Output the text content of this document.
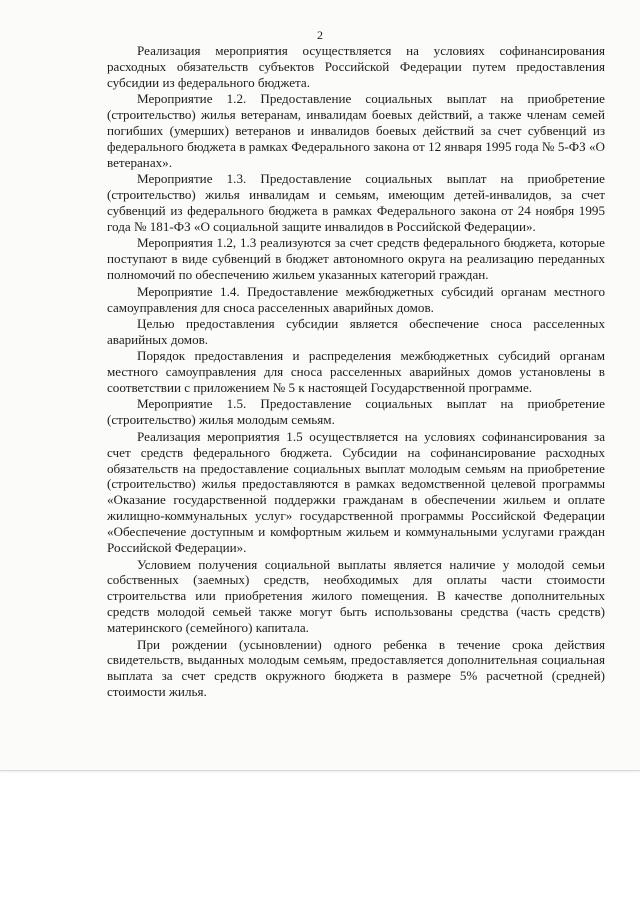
2

Реализация мероприятия осуществляется на условиях софинансирования расходных обязательств субъектов Российской Федерации путем предоставления субсидии из федерального бюджета.

Мероприятие 1.2. Предоставление социальных выплат на приобретение (строительство) жилья ветеранам, инвалидам боевых действий, а также членам семей погибших (умерших) ветеранов и инвалидов боевых действий за счет субвенций из федерального бюджета в рамках Федерального закона от 12 января 1995 года № 5-ФЗ «О ветеранах».

Мероприятие 1.3. Предоставление социальных выплат на приобретение (строительство) жилья инвалидам и семьям, имеющим детей-инвалидов, за счет субвенций из федерального бюджета в рамках Федерального закона от 24 ноября 1995 года № 181-ФЗ «О социальной защите инвалидов в Российской Федерации».

Мероприятия 1.2, 1.3 реализуются за счет средств федерального бюджета, которые поступают в виде субвенций в бюджет автономного округа на реализацию переданных полномочий по обеспечению жильем указанных категорий граждан.

Мероприятие 1.4. Предоставление межбюджетных субсидий органам местного самоуправления для сноса расселенных аварийных домов.

Целью предоставления субсидии является обеспечение сноса расселенных аварийных домов.

Порядок предоставления и распределения межбюджетных субсидий органам местного самоуправления для сноса расселенных аварийных домов установлены в соответствии с приложением № 5 к настоящей Государственной программе.

Мероприятие 1.5. Предоставление социальных выплат на приобретение (строительство) жилья молодым семьям.

Реализация мероприятия 1.5 осуществляется на условиях софинансирования за счет средств федерального бюджета. Субсидии на софинансирование расходных обязательств на предоставление социальных выплат молодым семьям на приобретение (строительство) жилья предоставляются в рамках ведомственной целевой программы «Оказание государственной поддержки гражданам в обеспечении жильем и оплате жилищно-коммунальных услуг» государственной программы Российской Федерации «Обеспечение доступным и комфортным жильем и коммунальными услугами граждан Российской Федерации».

Условием получения социальной выплаты является наличие у молодой семьи собственных (заемных) средств, необходимых для оплаты части стоимости строительства или приобретения жилого помещения. В качестве дополнительных средств молодой семьей также могут быть использованы средства (часть средств) материнского (семейного) капитала.

При рождении (усыновлении) одного ребенка в течение срока действия свидетельств, выданных молодым семьям, предоставляется дополнительная социальная выплата за счет средств окружного бюджета в размере 5% расчетной (средней) стоимости жилья.
